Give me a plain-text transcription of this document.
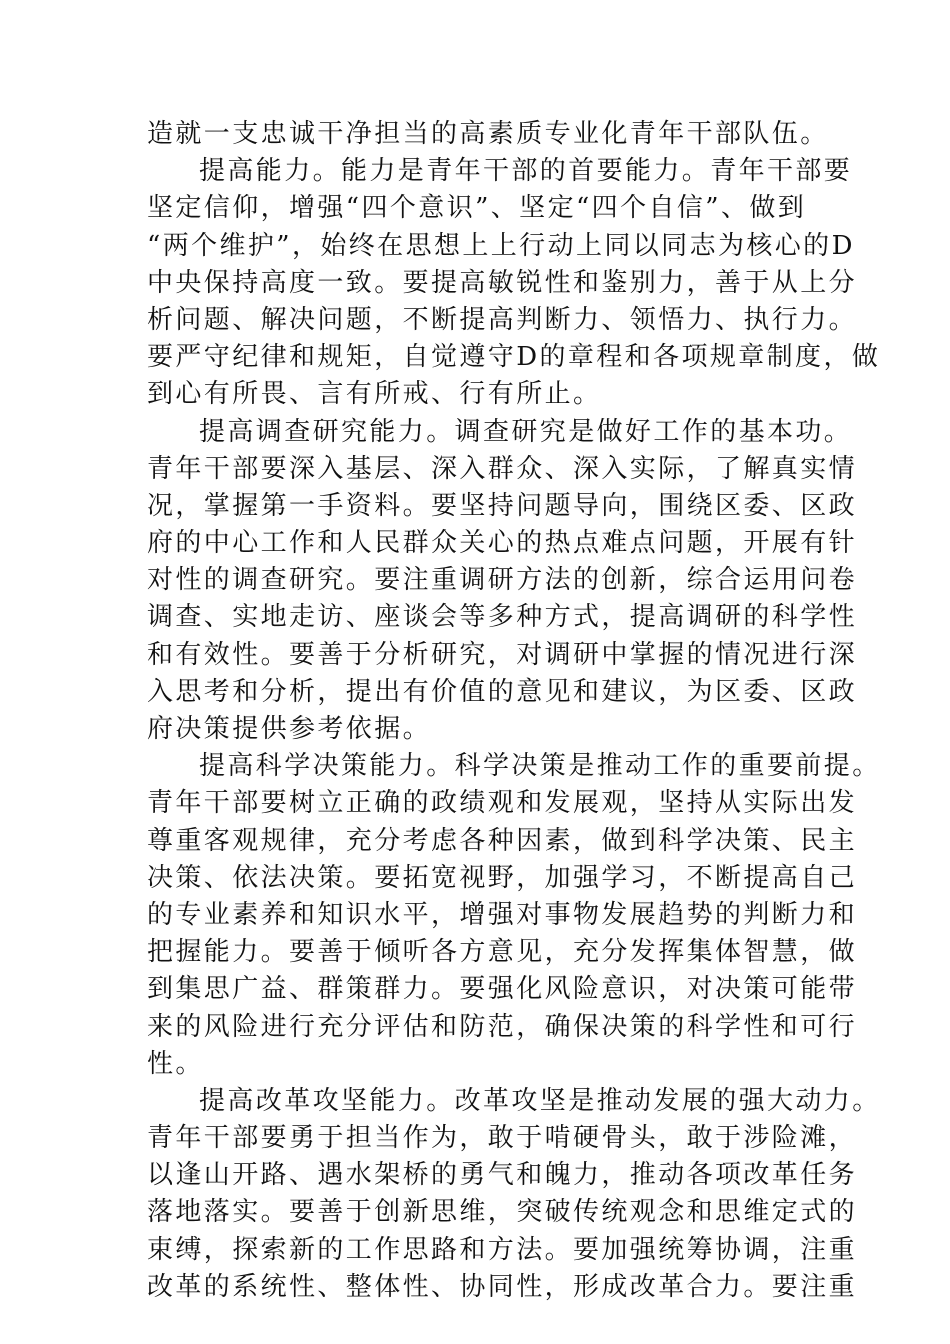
造就一支忠诚干净担当的高素质专业化青年干部队伍。
提高能力。能力是青年干部的首要能力。青年干部要
坚定信仰，增强“四个意识”、坚定“四个自信”、做到
“两个维护”，始终在思想上上行动上同以同志为核心的D
中央保持高度一致。要提高敏锐性和鉴别力，善于从上分
析问题、解决问题，不断提高判断力、领悟力、执行力。
要严守纪律和规矩，自觉遵守D的章程和各项规章制度，做
到心有所畏、言有所戒、行有所止。
提高调查研究能力。调查研究是做好工作的基本功。
青年干部要深入基层、深入群众、深入实际，了解真实情
况，掌握第一手资料。要坚持问题导向，围绕区委、区政
府的中心工作和人民群众关心的热点难点问题，开展有针
对性的调查研究。要注重调研方法的创新，综合运用问卷
调查、实地走访、座谈会等多种方式，提高调研的科学性
和有效性。要善于分析研究，对调研中掌握的情况进行深
入思考和分析，提出有价值的意见和建议，为区委、区政
府决策提供参考依据。
提高科学决策能力。科学决策是推动工作的重要前提。
青年干部要树立正确的政绩观和发展观，坚持从实际出发
尊重客观规律，充分考虑各种因素，做到科学决策、民主
决策、依法决策。要拓宽视野，加强学习，不断提高自己
的专业素养和知识水平，增强对事物发展趋势的判断力和
把握能力。要善于倾听各方意见，充分发挥集体智慧，做
到集思广益、群策群力。要强化风险意识，对决策可能带
来的风险进行充分评估和防范，确保决策的科学性和可行
性。
提高改革攻坚能力。改革攻坚是推动发展的强大动力。
青年干部要勇于担当作为，敢于啃硬骨头，敢于涉险滩，
以逢山开路、遇水架桥的勇气和魄力，推动各项改革任务
落地落实。要善于创新思维，突破传统观念和思维定式的
束缚，探索新的工作思路和方法。要加强统筹协调，注重
改革的系统性、整体性、协同性，形成改革合力。要注重
